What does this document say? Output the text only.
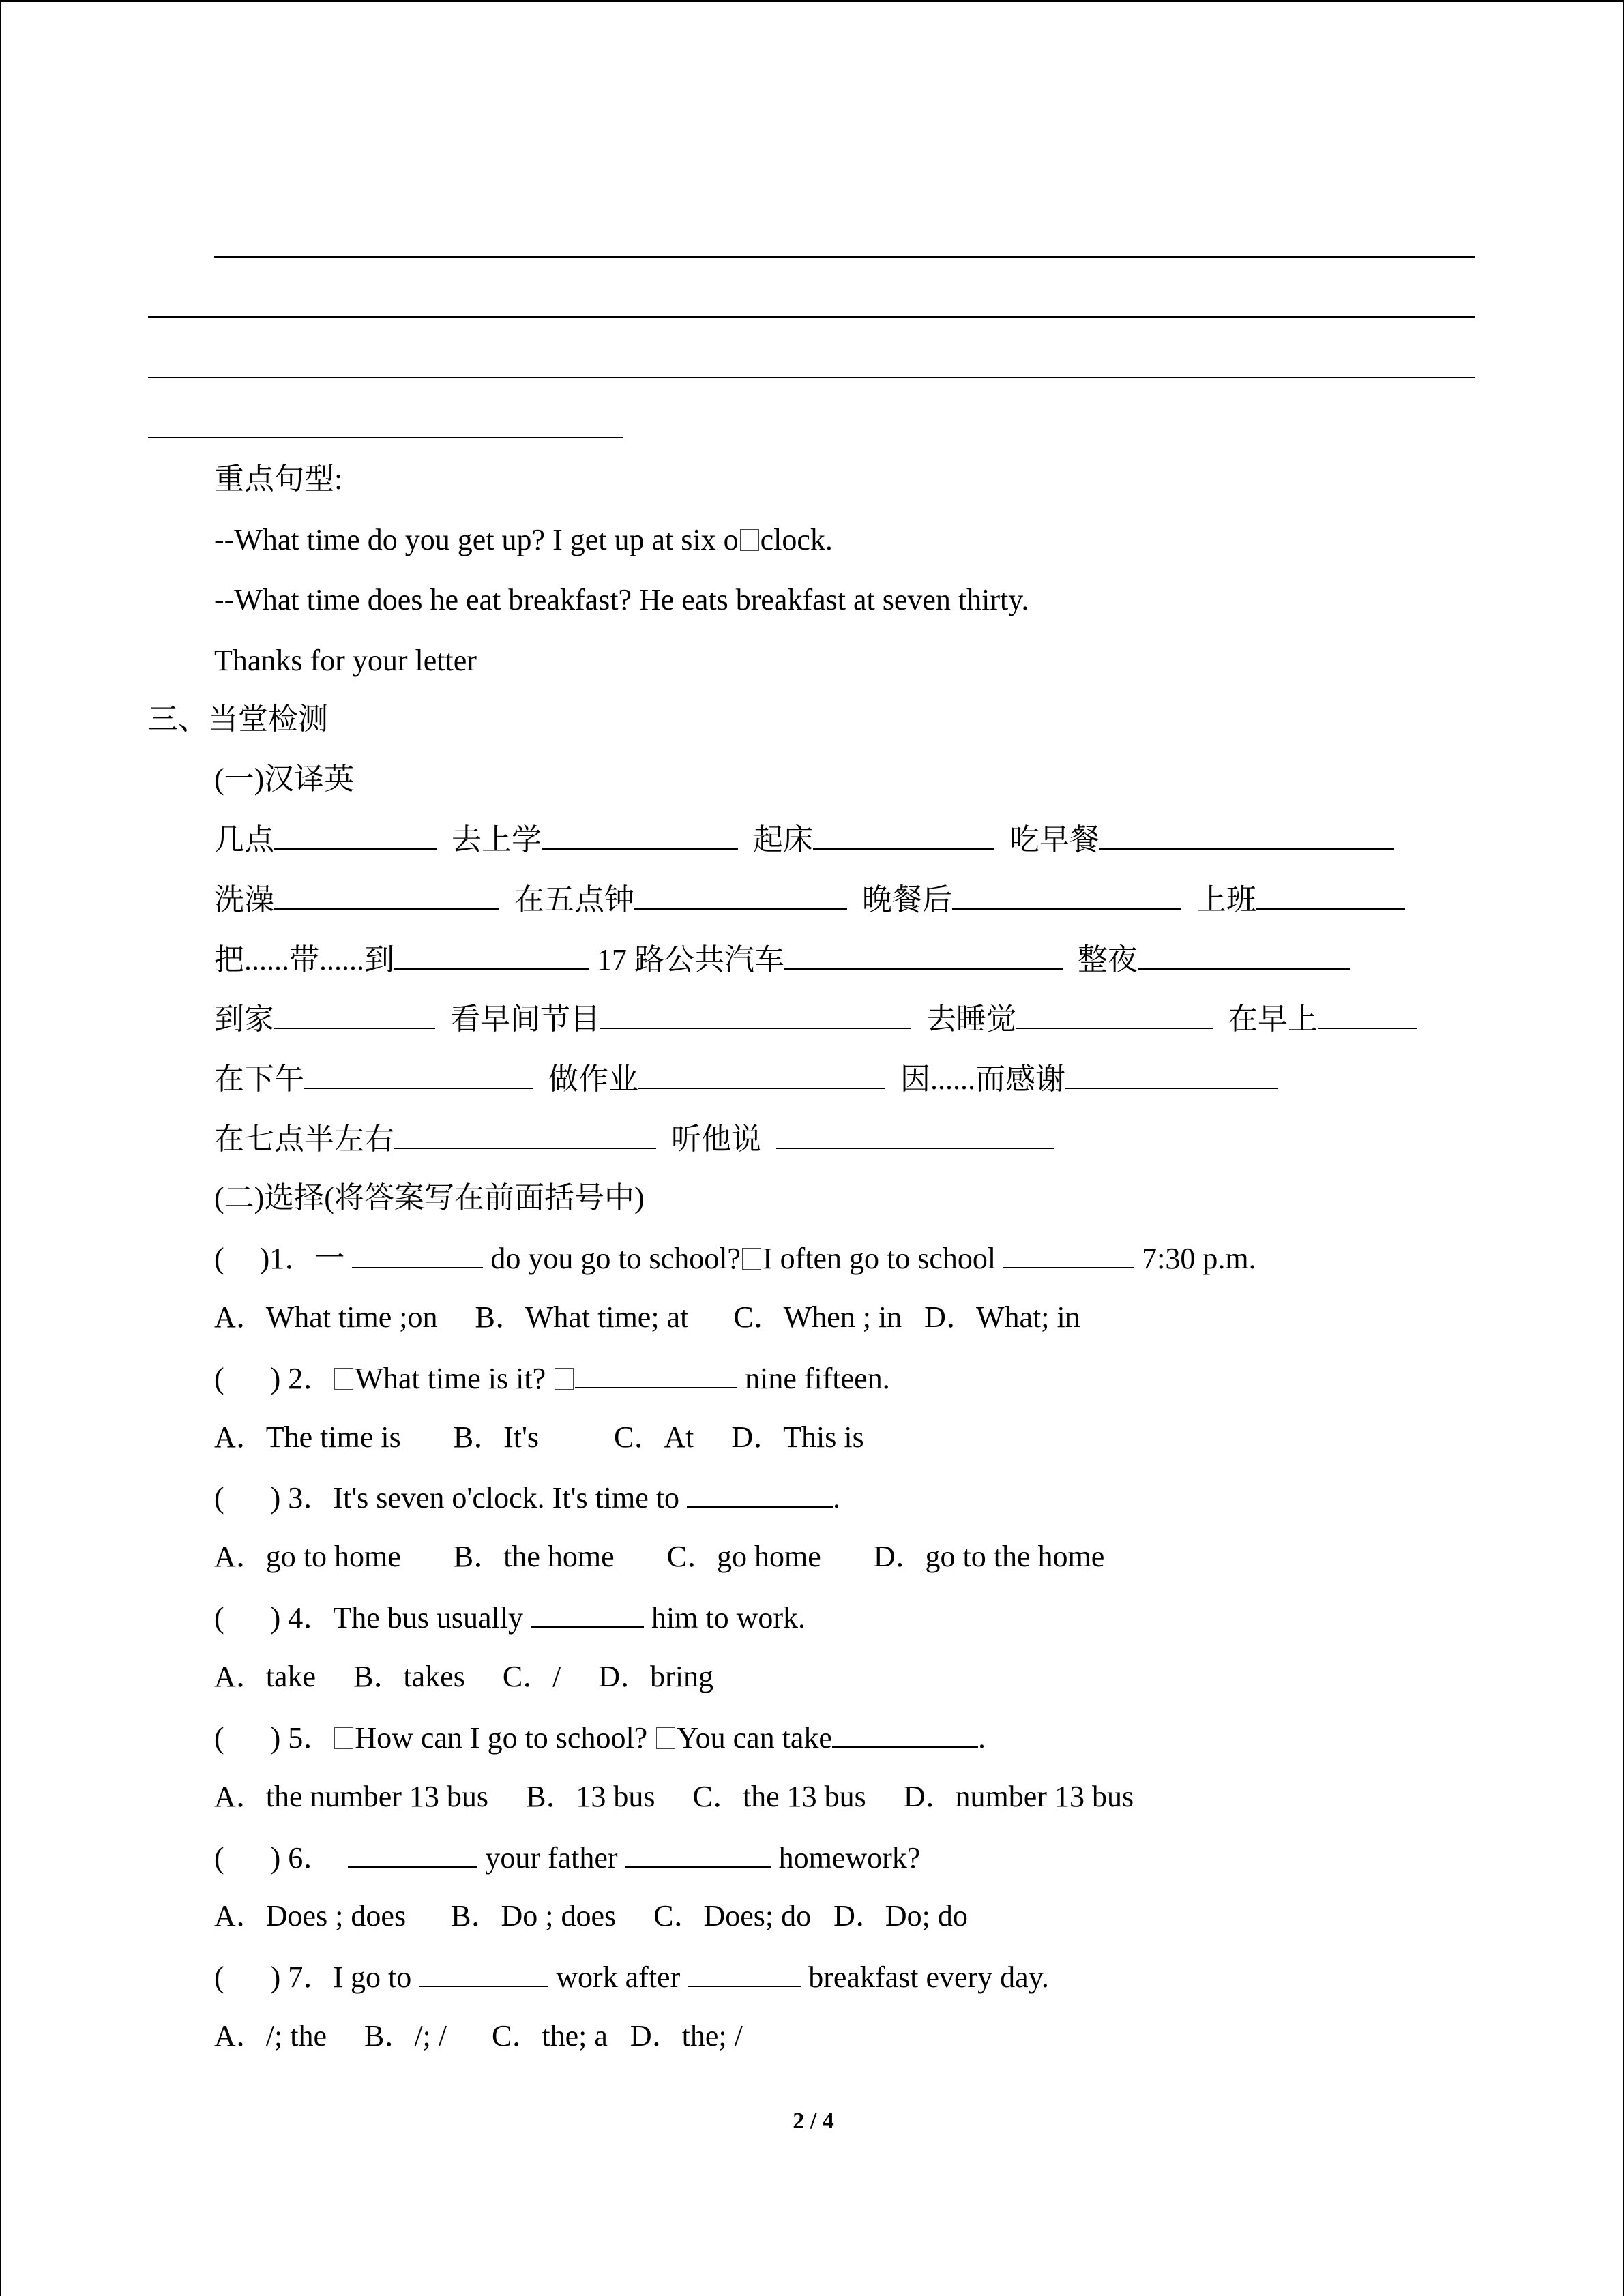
重点句型:
--What time do you get up? I get up at six o clock.
--What time does he eat breakfast? He eats breakfast at seven thirty.
Thanks for your letter
三、当堂检测
(一)汉译英
几点	去上学	起床	吃早餐
洗澡	在五点钟	晚餐后	上班
把......带......到	17 路公共汽车	整夜
到家	看早间节目	去睡觉	在早上
在下午	做作业	因......而感谢
在七点半左右	听他说
(二)选择(将答案写在前面括号中)
( )1．一	do you go to school? I often go to school	7:30 p.m.
A．What time ;on B．What time; at C．When ; in D．What; in
( ) 2． What time is it?	nine fifteen.
A．The time is B．It's	C．At D．This is
( ) 3．It's seven o'clock. It's time to	.
A．go to home B．the home C．go home D．go to the home
( ) 4．The bus usually	him to work.
A．take B．takes C．/ D．bring
( ) 5． How can I go to school? You can take	.
A．the number 13 bus B．13 bus C．the 13 bus D．number 13 bus
( ) 6．	your father	homework?
A．Does ; does B．Do ; does C．Does; do D．Do; do
( ) 7．I go to	work after	breakfast every day.
A．/; the B．/; / C．the; a D．the; /
2 / 4
